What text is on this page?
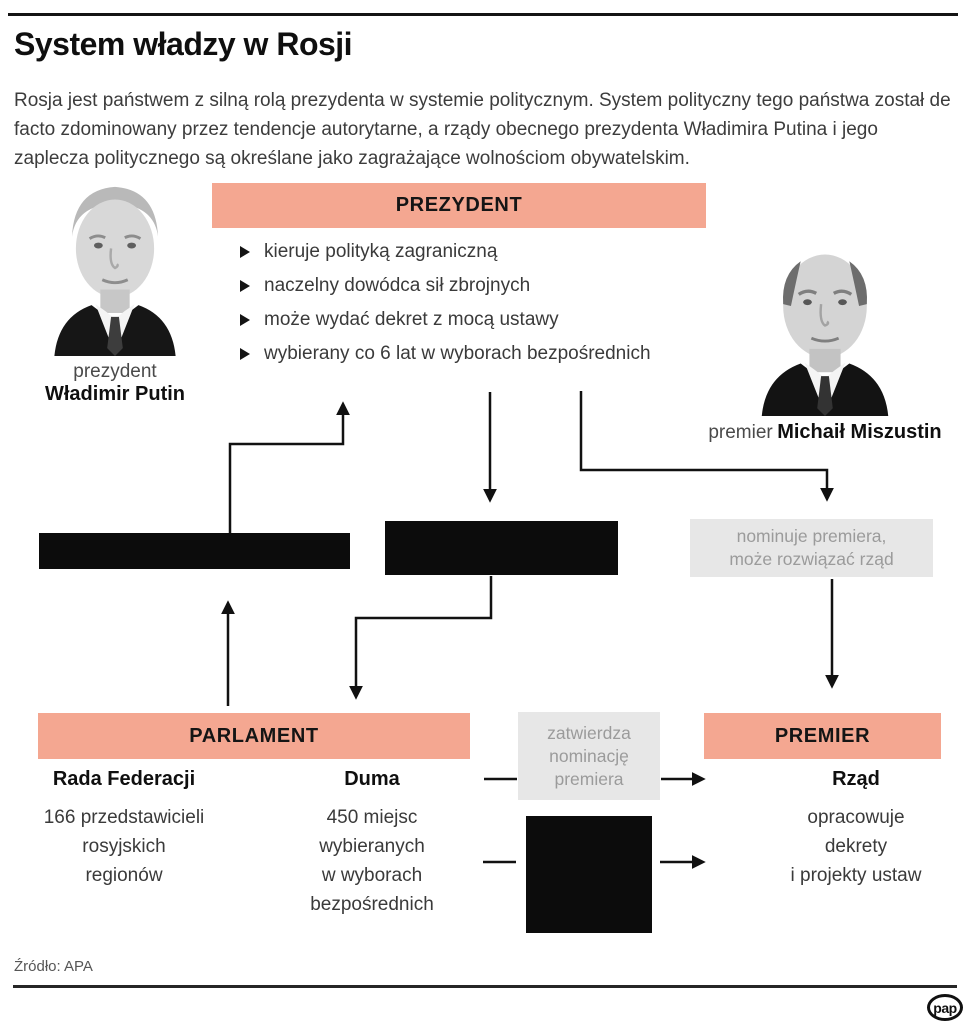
System władzy w Rosji
Rosja jest państwem z silną rolą prezydenta w systemie politycznym. System polityczny tego państwa został de facto zdominowany przez tendencje autorytarne, a rządy obecnego prezydenta Władimira Putina i jego zaplecza politycznego są określane jako zagrażające wolnościom obywatelskim.
prezydent
Władimir Putin
premier Michaił Miszustin
PREZYDENT
kieruje polityką zagraniczną
naczelny dowódca sił zbrojnych
może wydać dekret z mocą ustawy
wybierany co 6 lat w wyborach bezpośrednich
nominuje premiera,
może rozwiązać rząd
zatwierdza
nominację
premiera
PARLAMENT	PREMIER
Rada Federacji	Duma	Rząd
166 przedstawicieli
rosyjskich
regionów
450 miejsc
wybieranych
w wyborach
bezpośrednich
opracowuje
dekrety
i projekty ustaw
Źródło: APA
pap
